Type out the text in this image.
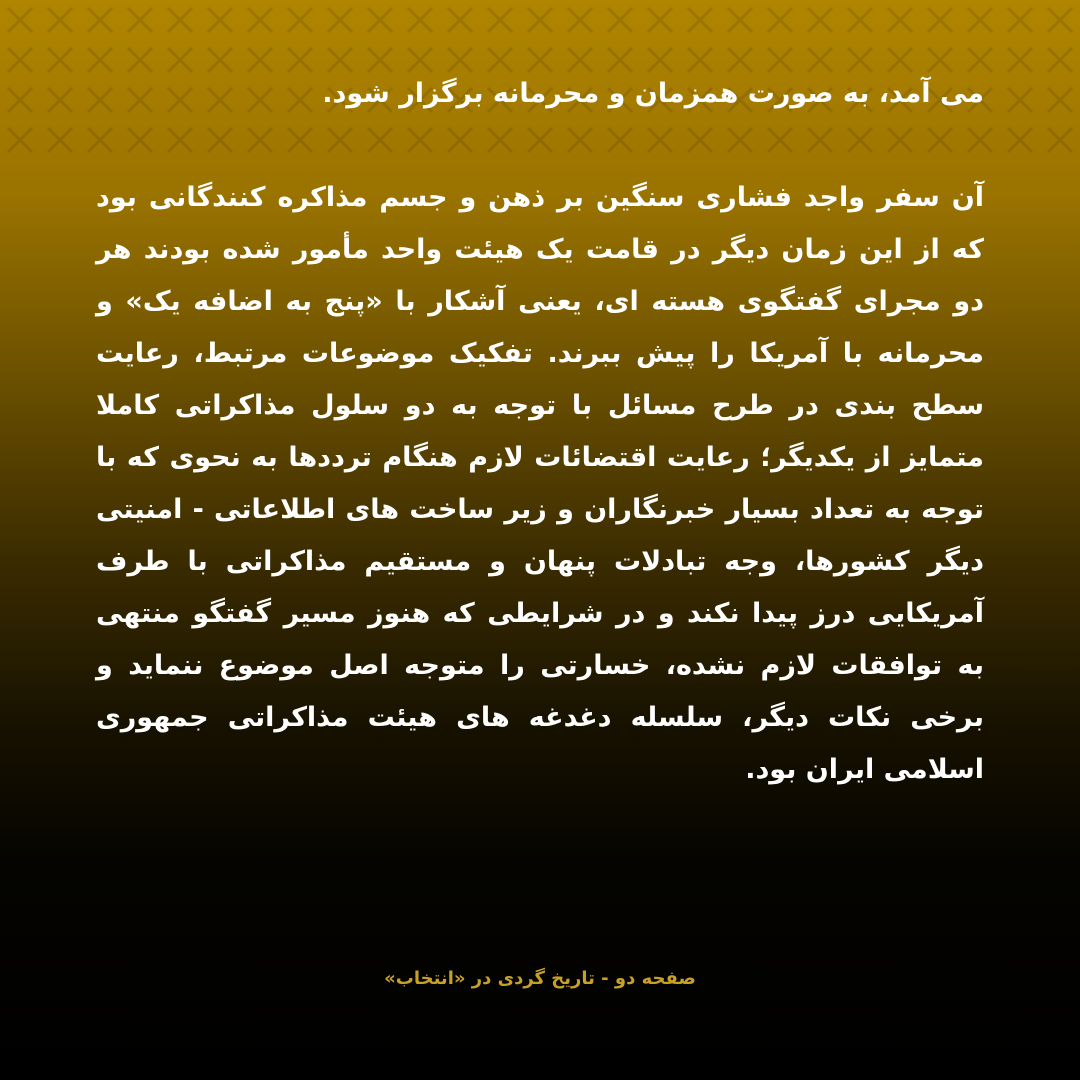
می آمد، به صورت همزمان و محرمانه برگزار شود.

آن سفر واجد فشاری سنگین بر ذهن و جسم مذاکره کنندگانی بود که از این زمان دیگر در قامت یک هیئت واحد مأمور شده بودند هر دو مجرای گفتگوی هسته ای، یعنی آشکار با «پنج به اضافه یک» و محرمانه با آمریکا را پیش ببرند. تفکیک موضوعات مرتبط، رعایت سطح بندی در طرح مسائل با توجه به دو سلول مذاکراتی کاملا متمایز از یکدیگر؛ رعایت اقتضائات لازم هنگام ترددها به نحوی که با توجه به تعداد بسیار خبرنگاران و زیر ساخت های اطلاعاتی - امنیتی دیگر کشورها، وجه تبادلات پنهان و مستقیم مذاکراتی با طرف آمریکایی درز پیدا نکند و در شرایطی که هنوز مسیر گفتگو منتهی به توافقات لازم نشده، خسارتی را متوجه اصل موضوع ننماید و برخی نکات دیگر، سلسله دغدغه های هیئت مذاکراتی جمهوری اسلامی ایران بود.

صفحه دو - تاریخ گردی در «انتخاب»
